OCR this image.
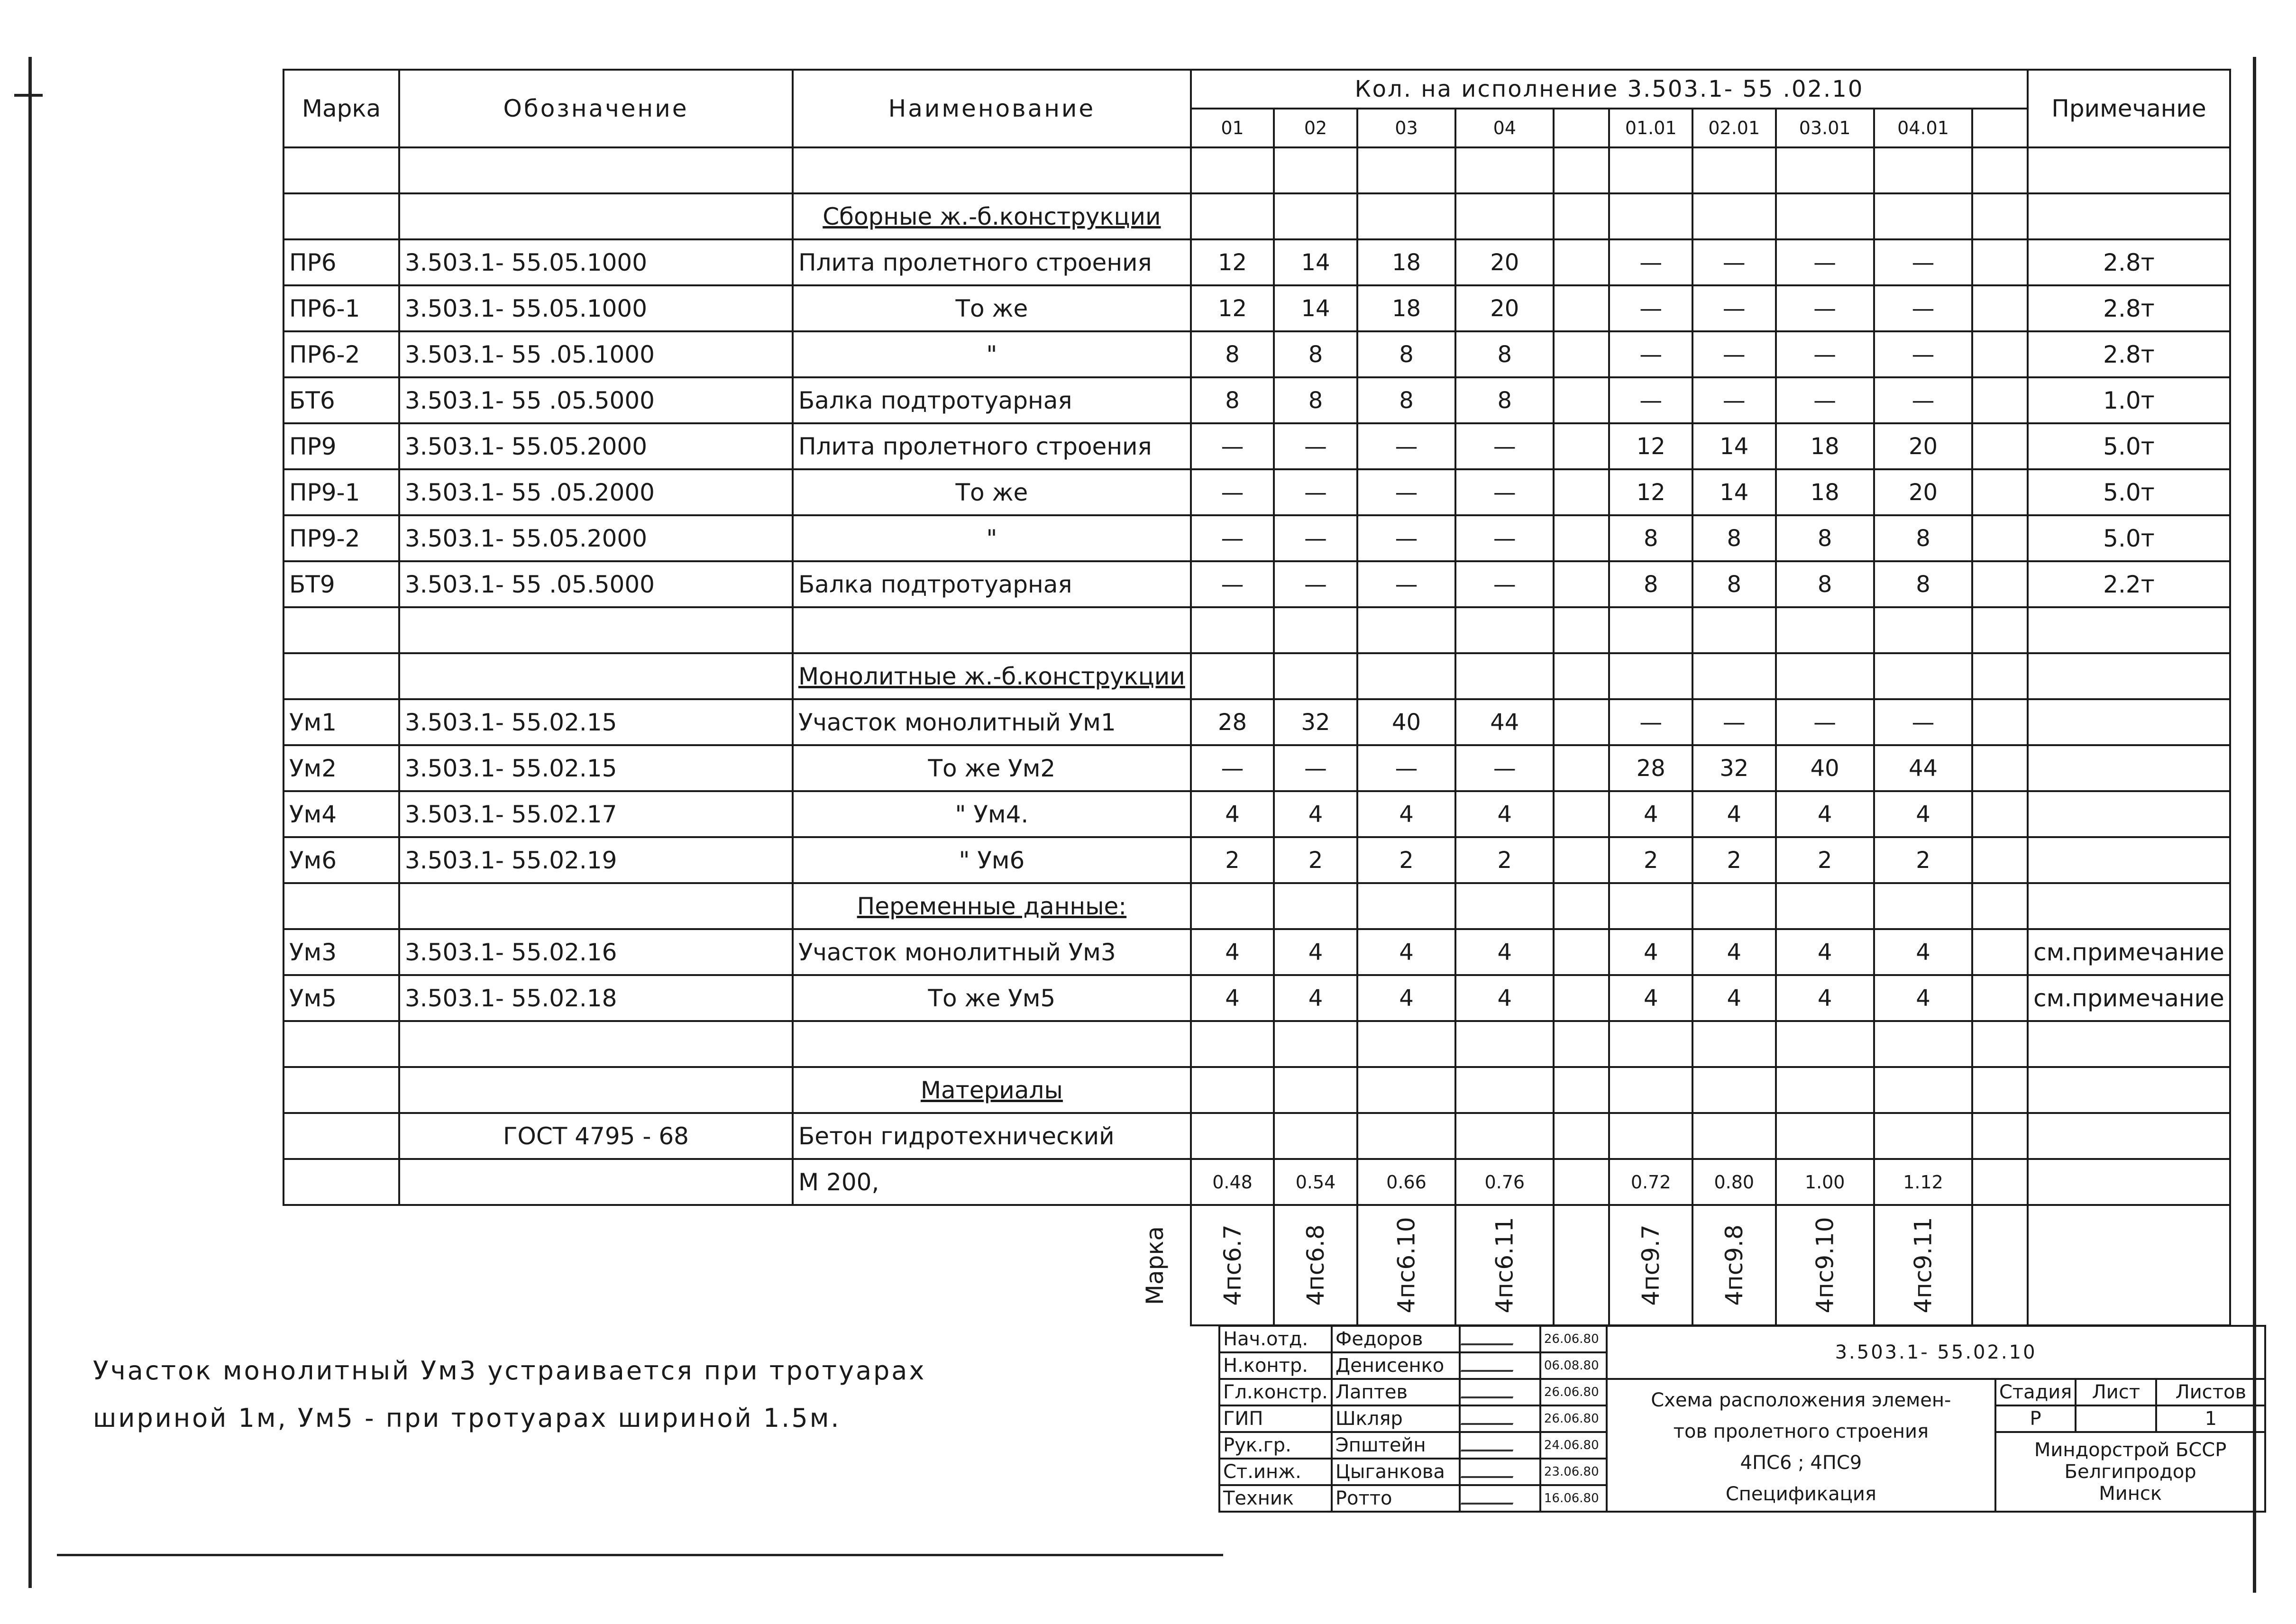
Марка	Обозначение	Наименование	Кол. на исполнение 3.503.1- 55 .02.10										Примечание
			01	02	03	04		01.01	02.01	03.01	04.01		

		Сборные ж.-б.конструкции											
ПР6	3.503.1- 55.05.1000	Плита пролетного строения	12	14	18	20		—	—	—	—		2.8т
ПР6-1	3.503.1- 55.05.1000	То же	12	14	18	20		—	—	—	—		2.8т
ПР6-2	3.503.1- 55 .05.1000	"	8	8	8	8		—	—	—	—		2.8т
БТ6	3.503.1- 55 .05.5000	Балка подтротуарная	8	8	8	8		—	—	—	—		1.0т
ПР9	3.503.1- 55.05.2000	Плита пролетного строения	—	—	—	—		12	14	18	20		5.0т
ПР9-1	3.503.1- 55 .05.2000	То же	—	—	—	—		12	14	18	20		5.0т
ПР9-2	3.503.1- 55.05.2000	"	—	—	—	—		8	8	8	8		5.0т
БТ9	3.503.1- 55 .05.5000	Балка подтротуарная	—	—	—	—		8	8	8	8		2.2т

		Монолитные ж.-б.конструкции											
Ум1	3.503.1- 55.02.15	Участок монолитный Ум1	28	32	40	44		—	—	—	—		
Ум2	3.503.1- 55.02.15	То же Ум2	—	—	—	—		28	32	40	44		
Ум4	3.503.1- 55.02.17	" Ум4.	4	4	4	4		4	4	4	4		
Ум6	3.503.1- 55.02.19	" Ум6	2	2	2	2		2	2	2	2		
		Переменные данные:											
Ум3	3.503.1- 55.02.16	Участок монолитный Ум3	4	4	4	4		4	4	4	4		см.примечание
Ум5	3.503.1- 55.02.18	То же Ум5	4	4	4	4		4	4	4	4		см.примечание

		Материалы											
	ГОСТ 4795 - 68	Бетон гидротехнический											
		М 200,	0.48	0.54	0.66	0.76		0.72	0.80	1.00	1.12		
		Марка	4пс6.7	4пс6.8	4пс6.10	4пс6.11		4пс9.7	4пс9.8	4пс9.10	4пс9.11		
Участок монолитный Ум3 устраивается при тротуарах
шириной 1м, Ум5 - при тротуарах шириной 1.5м.
Нач.отд.	Федоров		26.06.80	3.503.1- 55.02.10			
Н.контр.	Денисенко		06.08.80				
Гл.констр.	Лаптев		26.06.80	Схема расположения элемен-
тов пролетного строения
4ПС6 ; 4ПС9
Спецификация	Стадия	Лист	Листов
ГИП	Шкляр		26.06.80		Р		1
Рук.гр.	Эпштейн		24.06.80		Миндорстрой БССР
Белгипродор
Минск		

Ст.инж.	Цыганкова		23.06.80				
Техник	Ротто		16.06.80				
